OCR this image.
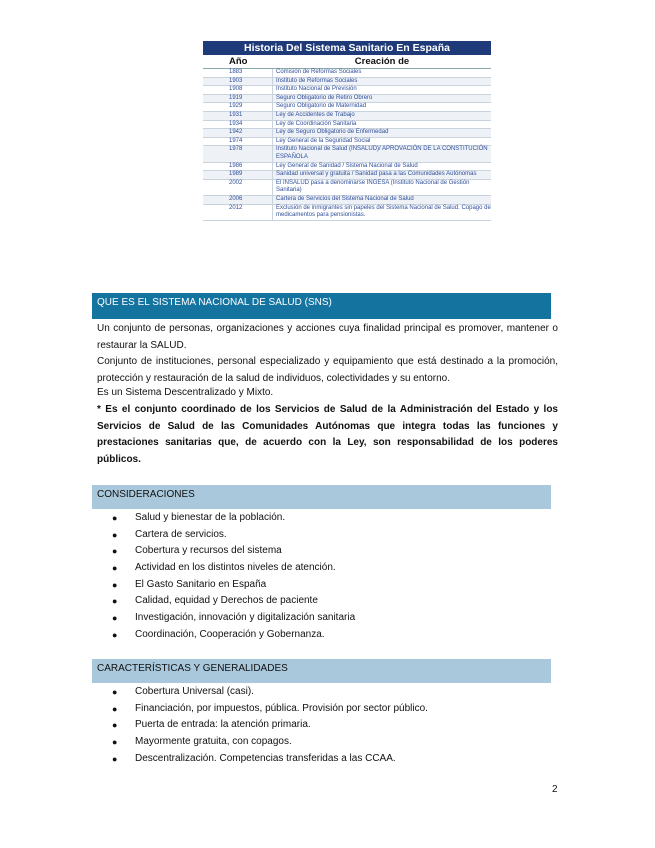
Historia Del Sistema Sanitario En España
Año	Creación de
1883	Comisión de Reformas Sociales
1903	Instituto de Reformas Sociales
1908	Instituto Nacional de Previsión
1919	Seguro Obligatorio de Retiro Obrero
1929	Seguro Obligatorio de Maternidad
1931	Ley de Accidentes de Trabajo
1934	Ley de Coordinación Sanitaria
1942	Ley de Seguro Obligatorio de Enfermedad
1974	Ley General de la Seguridad Social
1978	Instituto Nacional de Salud (INSALUD)/ APROVACIÓN DE LA CONSTITUCIÓN ESPAÑOLA
1986	Ley General de Sanidad / Sistema Nacional de Salud
1989	Sanidad universal y gratuita / Sanidad pasa a las Comunidades Autónomas
2002	El INSALUD pasa a denominarse INGESA (Instituto Nacional de Gestión Sanitaria)
2006	Cartera de Servicios del Sistema Nacional de Salud
2012	Exclusión de inmigrantes sin papeles del Sistema Nacional de Salud. Copago de medicamentos para pensionistas.
QUE ES EL SISTEMA NACIONAL DE SALUD (SNS)
Un conjunto de personas, organizaciones y acciones cuya finalidad principal es promover, mantener o restaurar la SALUD.
Conjunto de instituciones, personal especializado y equipamiento que está destinado a la promoción, protección y restauración de la salud de individuos, colectividades y su entorno.
Es un Sistema Descentralizado y Mixto.
* Es el conjunto coordinado de los Servicios de Salud de la Administración del Estado y los Servicios de Salud de las Comunidades Autónomas que integra todas las funciones y prestaciones sanitarias que, de acuerdo con la Ley, son responsabilidad de los poderes públicos.
CONSIDERACIONES
● Salud y bienestar de la población.
● Cartera de servicios.
● Cobertura y recursos del sistema
● Actividad en los distintos niveles de atención.
● El Gasto Sanitario en España
● Calidad, equidad y Derechos de paciente
● Investigación, innovación y digitalización sanitaria
● Coordinación, Cooperación y Gobernanza.
CARACTERÍSTICAS Y GENERALIDADES
● Cobertura Universal (casi).
● Financiación, por impuestos, pública. Provisión por sector público.
● Puerta de entrada: la atención primaria.
● Mayormente gratuita, con copagos.
● Descentralización. Competencias transferidas a las CCAA.
2
